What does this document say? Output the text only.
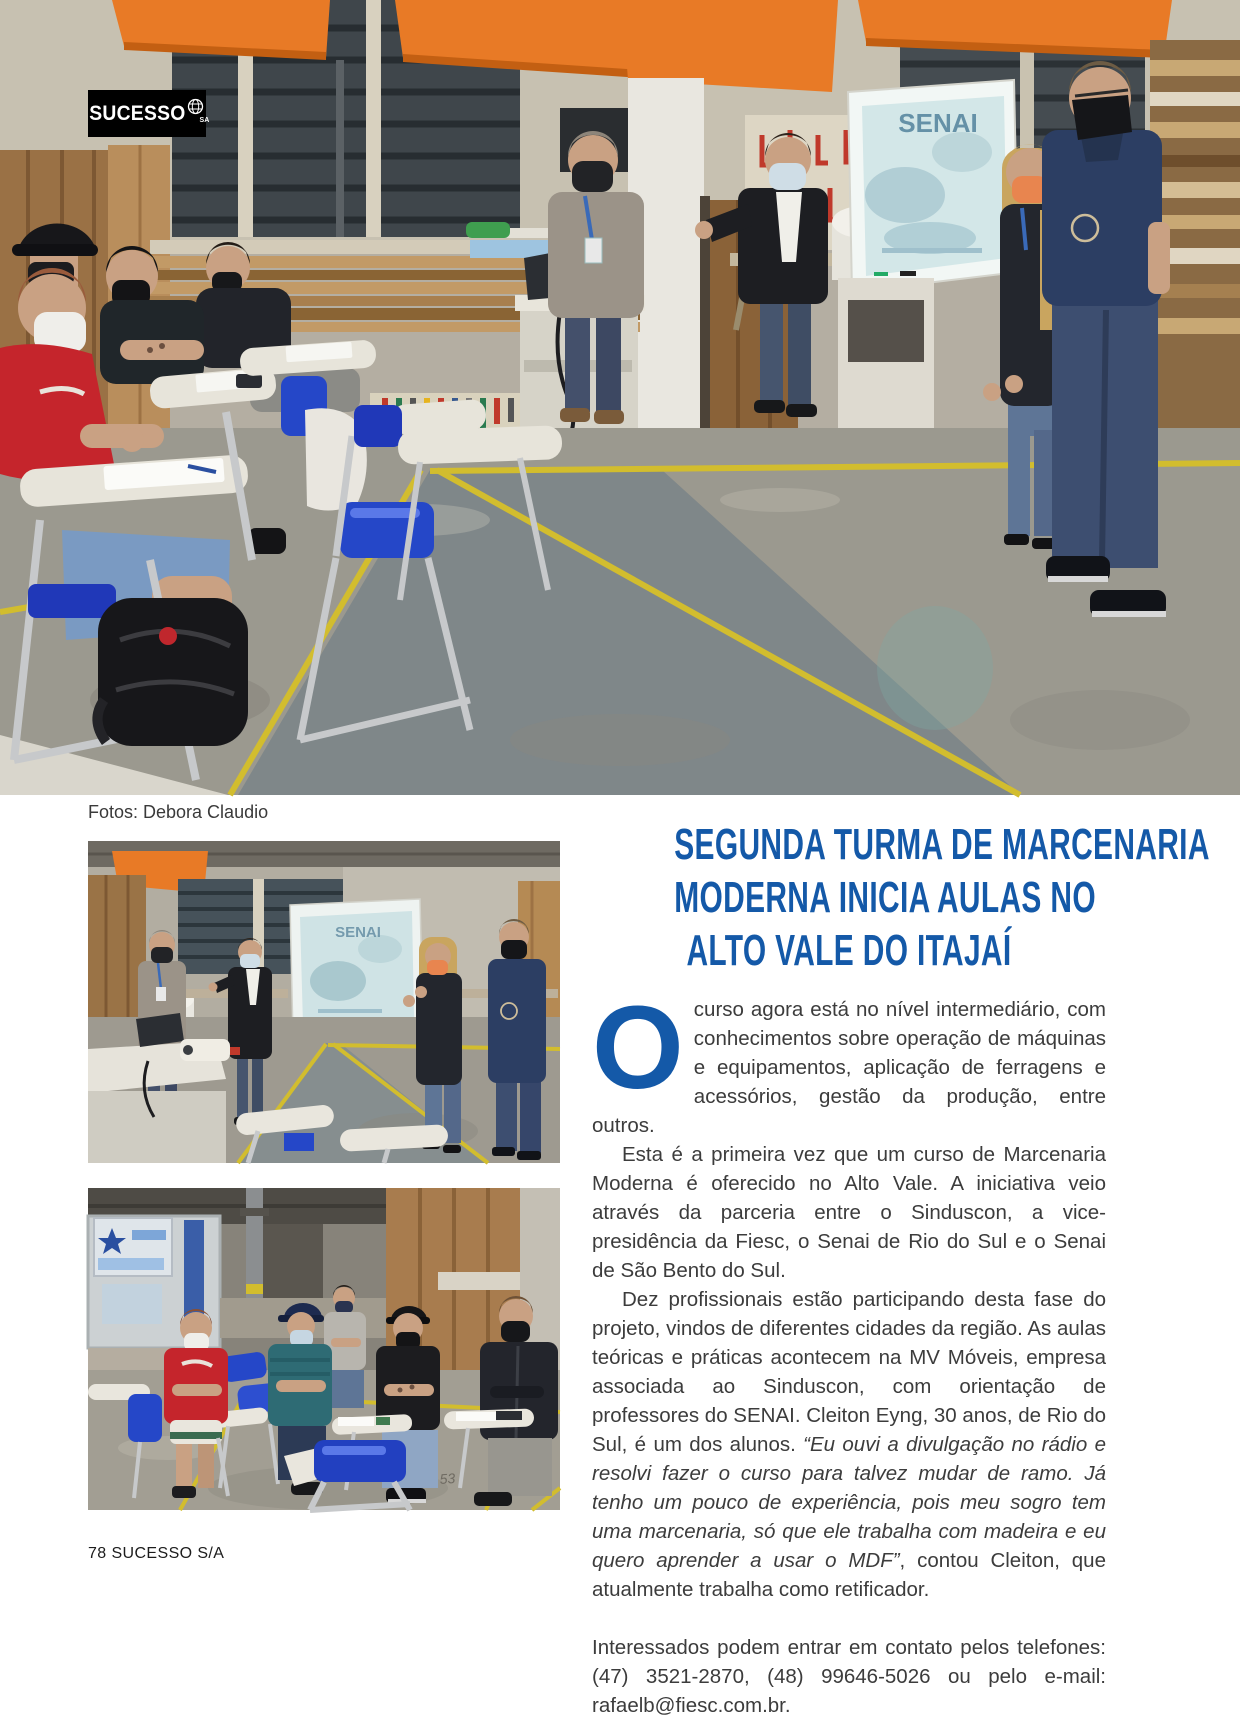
SENAI
SUCESSO SA
Fotos: Debora Claudio
SENAI
53
SEGUNDA TURMA DE MARCENARIA
MODERNA INICIA AULAS NO
ALTO VALE DO ITAJAÍ

Ocurso agora está no nível intermediário, com conhecimentos sobre operação de máquinas e equipamentos, aplicação de ferragens e acessórios, gestão da produção, entre outros.

Esta é a primeira vez que um curso de Marcenaria Moderna é oferecido no Alto Vale. A iniciativa veio através da parceria entre o Sinduscon, a vice-presidência da Fiesc, o Senai de Rio do Sul e o Senai de São Bento do Sul.

Dez profissionais estão participando desta fase do projeto, vindos de diferentes cidades da região. As aulas teóricas e práticas acontecem na MV Móveis, empresa associada ao Sinduscon, com orientação de professores do SENAI. Cleiton Eyng, 30 anos, de Rio do Sul, é um dos alunos. “Eu ouvi a divulgação no rádio e resolvi fazer o curso para talvez mudar de ramo. Já tenho um pouco de experiência, pois meu sogro tem uma marcenaria, só que ele trabalha com madeira e eu quero aprender a usar o MDF”, contou Cleiton, que atualmente trabalha como retificador.

Interessados podem entrar em contato pelos telefones: (47) 3521-2870, (48) 99646-5026 ou pelo e-mail: rafaelb@fiesc.com.br.

78 SUCESSO S/A
